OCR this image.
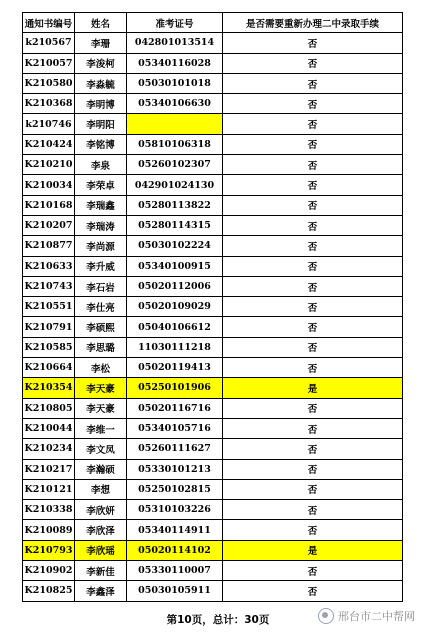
通知书编号	姓名	准考证号	是否需要重新办理二中录取手续
k210567	李珊	042801013514	否
K210057	李浚柯	05340116028	否
K210580	李淼毓	05030101018	否
K210368	李明博	05340106630	否
k210746	李明阳		否
K210424	李铭博	05810106318	否
K210210	李泉	05260102307	否
K210034	李荣卓	042901024130	否
K210168	李瑞鑫	05280113822	否
K210207	李瑞涛	05280114315	否
K210877	李尚源	05030102224	否
K210633	李升威	05340100915	否
K210743	李石岩	05020112006	否
K210551	李仕亮	05020109029	否
K210791	李硕熙	05040106612	否
K210585	李思璐	11030111218	否
K210664	李松	05020119413	否
K210354	李天豪	05250101906	是
K210805	李天豪	05020116716	否
K210044	李维一	05340105716	否
K210234	李文凤	05260111627	否
K210217	李瀚硕	05330101213	否
K210121	李想	05250102815	否
K210338	李欣妍	05310103226	否
K210089	李欣泽	05340114911	否
K210793	李欣瑶	05020114102	是
K210902	李新佳	05330110007	否
K210825	李鑫泽	05030105911	否
第10页，总计：30页	邢台市二中帮网
